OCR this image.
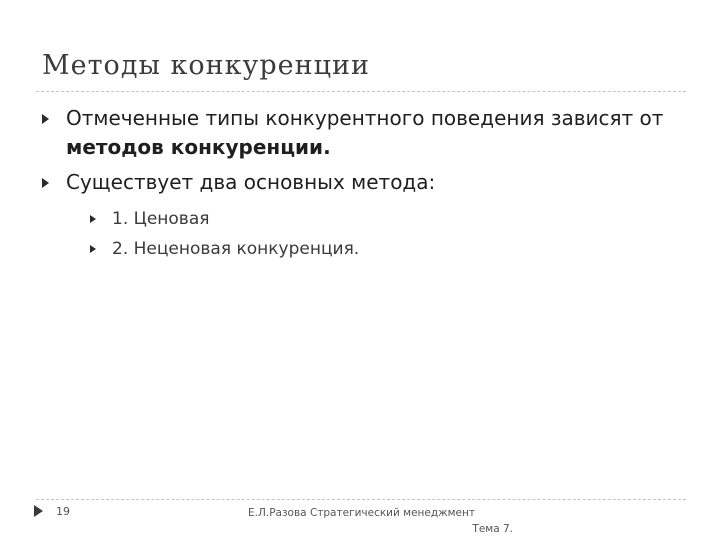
Методы конкуренции
Отмеченные типы конкурентного поведения зависят от методов конкуренции.
Существует два основных метода:
1. Ценовая
2. Неценовая конкуренция.
19	Е.Л.Разова Стратегический менеджмент
Тема 7.
